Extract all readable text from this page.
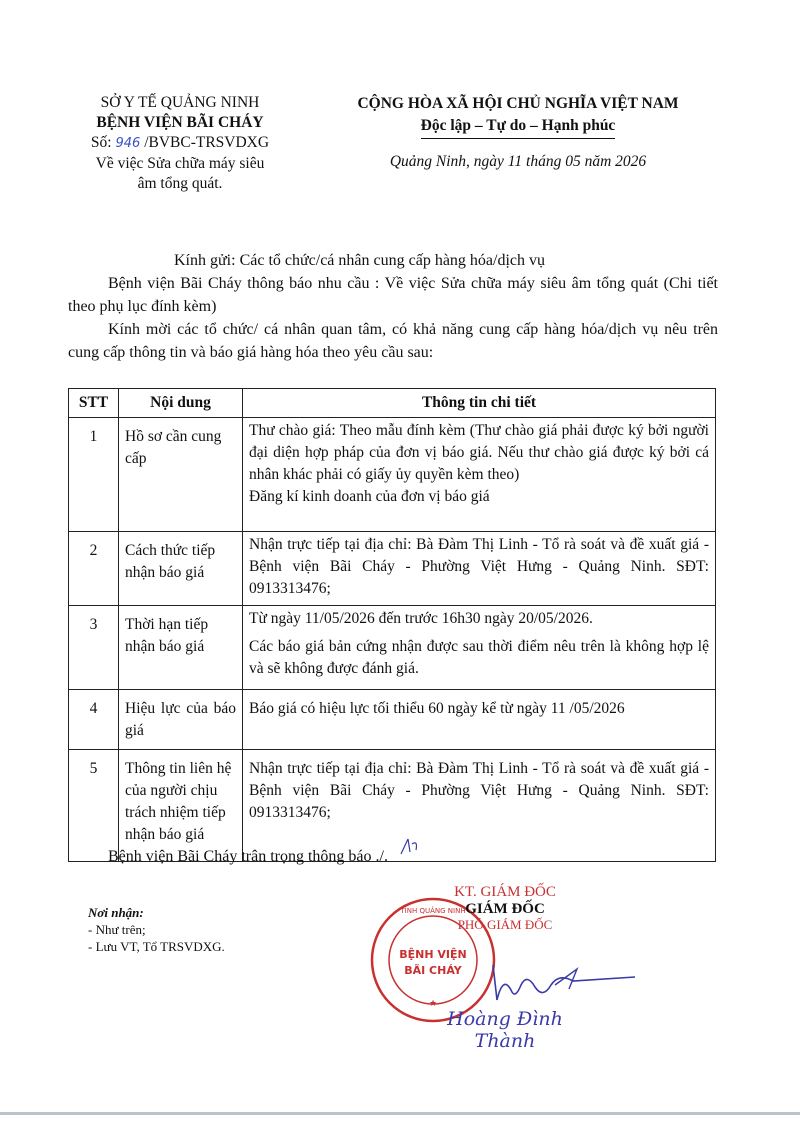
SỞ Y TẾ QUẢNG NINH
BỆNH VIỆN BÃI CHÁY
Số: 946 /BVBC-TRSVDXG
Về việc Sửa chữa máy siêu
âm tổng quát.
CỘNG HÒA XÃ HỘI CHỦ NGHĨA VIỆT NAM
Độc lập – Tự do – Hạnh phúc
Quảng Ninh, ngày 11 tháng 05 năm 2026
Kính gửi: Các tổ chức/cá nhân cung cấp hàng hóa/dịch vụ
Bệnh viện Bãi Cháy thông báo nhu cầu : Về việc Sửa chữa máy siêu âm tổng quát (Chi tiết theo phụ lục đính kèm)
Kính mời các tổ chức/ cá nhân quan tâm, có khả năng cung cấp hàng hóa/dịch vụ nêu trên cung cấp thông tin và báo giá hàng hóa theo yêu cầu sau:
STT	Nội dung	Thông tin chi tiết
1	Hồ sơ cần cung cấp	Thư chào giá: Theo mẫu đính kèm (Thư chào giá phải được ký bởi người đại diện hợp pháp của đơn vị báo giá. Nếu thư chào giá được ký bởi cá nhân khác phải có giấy ủy quyền kèm theo)
Đăng kí kinh doanh của đơn vị báo giá

2	Cách thức tiếp nhận báo giá	Nhận trực tiếp tại địa chỉ: Bà Đàm Thị Linh - Tổ rà soát và đề xuất giá - Bệnh viện Bãi Cháy - Phường Việt Hưng - Quảng Ninh. SĐT: 0913313476;
3	Thời hạn tiếp nhận báo giá	Từ ngày 11/05/2026 đến trước 16h30 ngày 20/05/2026.
Các báo giá bản cứng nhận được sau thời điểm nêu trên là không hợp lệ và sẽ không được đánh giá.

4	Hiệu lực của báo giá	Báo giá có hiệu lực tối thiểu 60 ngày kể từ ngày 11 /05/2026
5	Thông tin liên hệ của người chịu trách nhiệm tiếp nhận báo giá	Nhận trực tiếp tại địa chỉ: Bà Đàm Thị Linh - Tổ rà soát và đề xuất giá - Bệnh viện Bãi Cháy - Phường Việt Hưng - Quảng Ninh. SĐT: 0913313476;
Bệnh viện Bãi Cháy trân trọng thông báo ./.
Nơi nhận:
- Như trên;
- Lưu VT, Tổ TRSVDXG.
TỈNH QUẢNG NINH
BỆNH VIỆN
BÃI CHÁY
★
KT. GIÁM ĐỐC
GIÁM ĐỐC
PHÓ GIÁM ĐỐC
Hoàng Đình Thành
